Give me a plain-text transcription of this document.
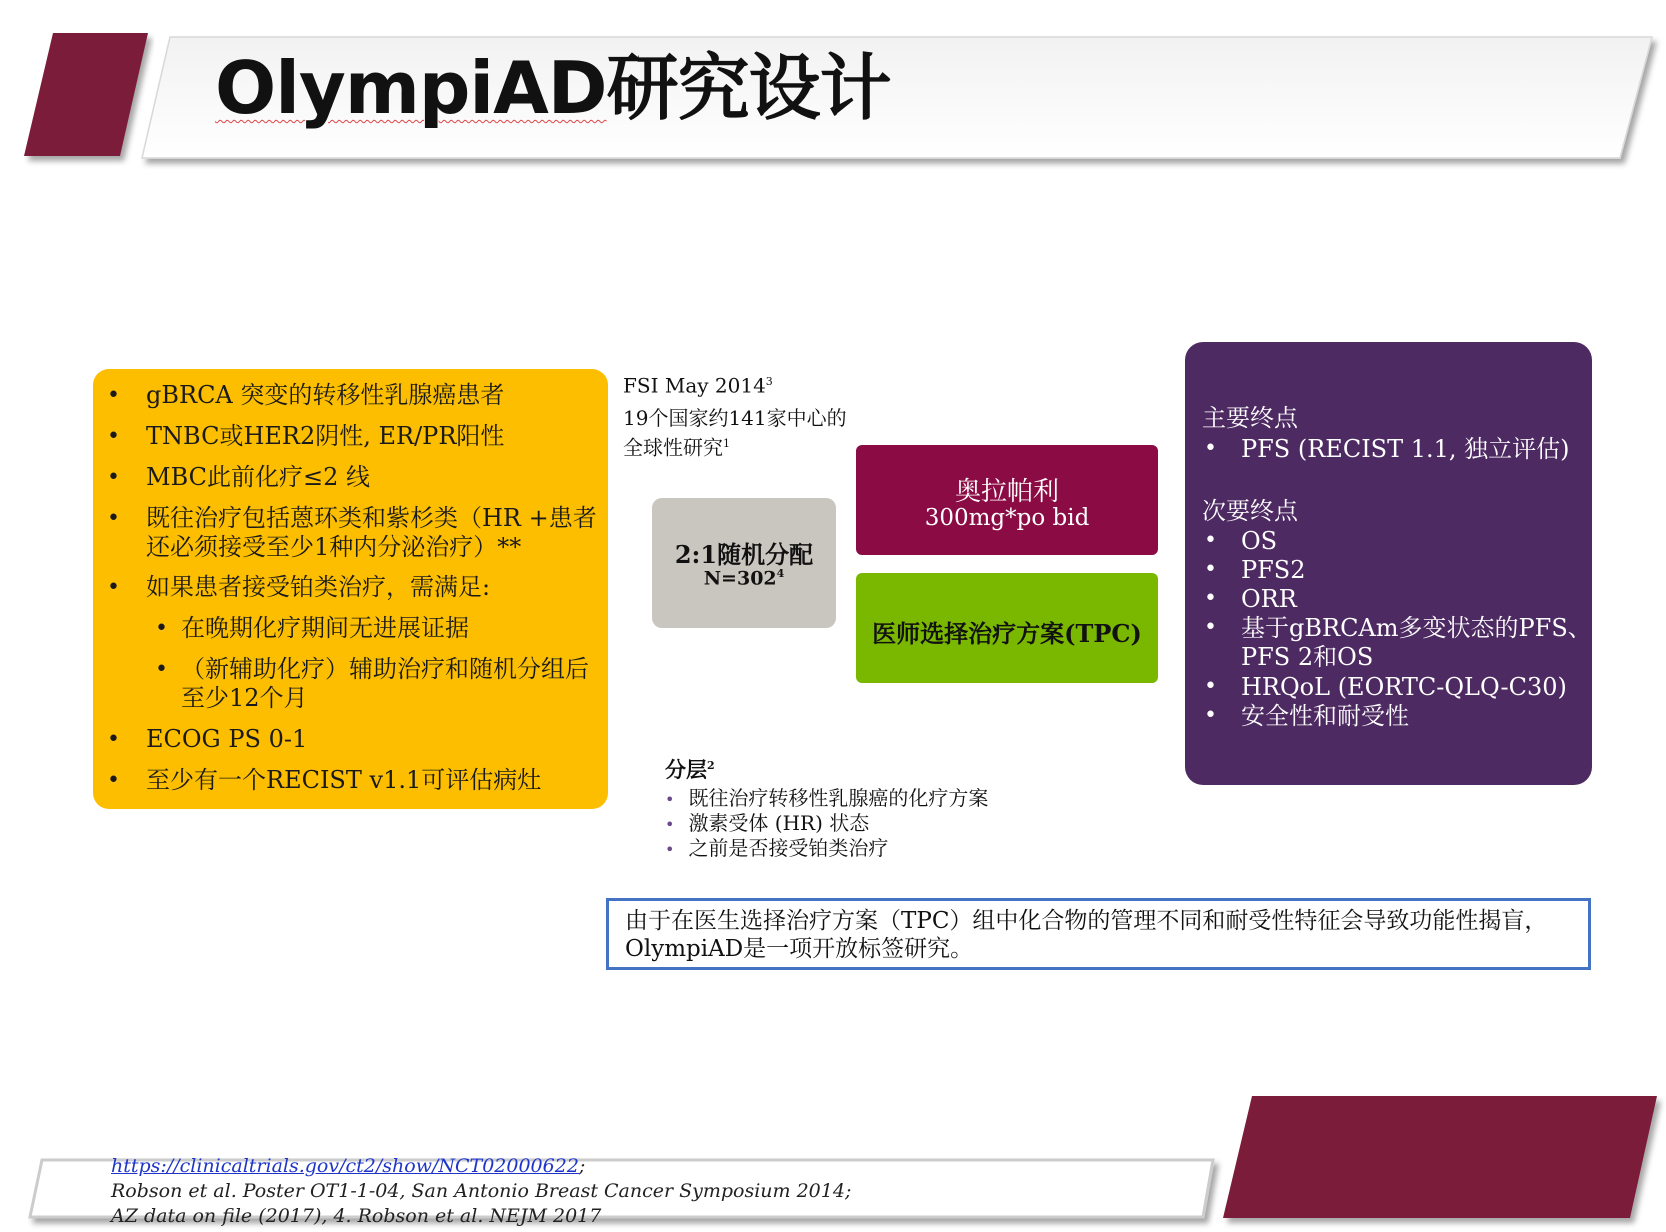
OlympiAD研究设计
• gBRCA 突变的转移性乳腺癌患者
• TNBC或HER2阴性, ER/PR阳性
• MBC此前化疗≤2 线
• 既往治疗包括蒽环类和紫杉类（HR +患者还必须接受至少1种内分泌治疗）**
• 如果患者接受铂类治疗，需满足:
• 在晚期化疗期间无进展证据
• （新辅助化疗）辅助治疗和随机分组后至少12个月
• ECOG PS 0-1
• 至少有一个RECIST v1.1可评估病灶
FSI May 2014$^3$
19个国家约141家中心的
全球性研究$^1$
2:1随机分配
$N=302^4$
奥拉帕利
300mg*po bid
医师选择治疗方案(TPC)
主要终点
• PFS (RECIST 1.1, 独立评估)
次要终点
• OS
• PFS2
• ORR
• 基于gBRCAm多变状态的PFS、
PFS 2和OS
• HRQoL (EORTC-QLQ-C30)
• 安全性和耐受性
分层$^2$
• 既往治疗转移性乳腺癌的化疗方案
• 激素受体 (HR) 状态
• 之前是否接受铂类治疗
由于在医生选择治疗方案（TPC）组中化合物的管理不同和耐受性特征会导致功能性揭盲，OlympiAD是一项开放标签研究。
https://clinicaltrials.gov/ct2/show/NCT02000622;
Robson et al. Poster OT1-1-04, San Antonio Breast Cancer Symposium 2014;
AZ data on file (2017), 4. Robson et al. NEJM 2017
